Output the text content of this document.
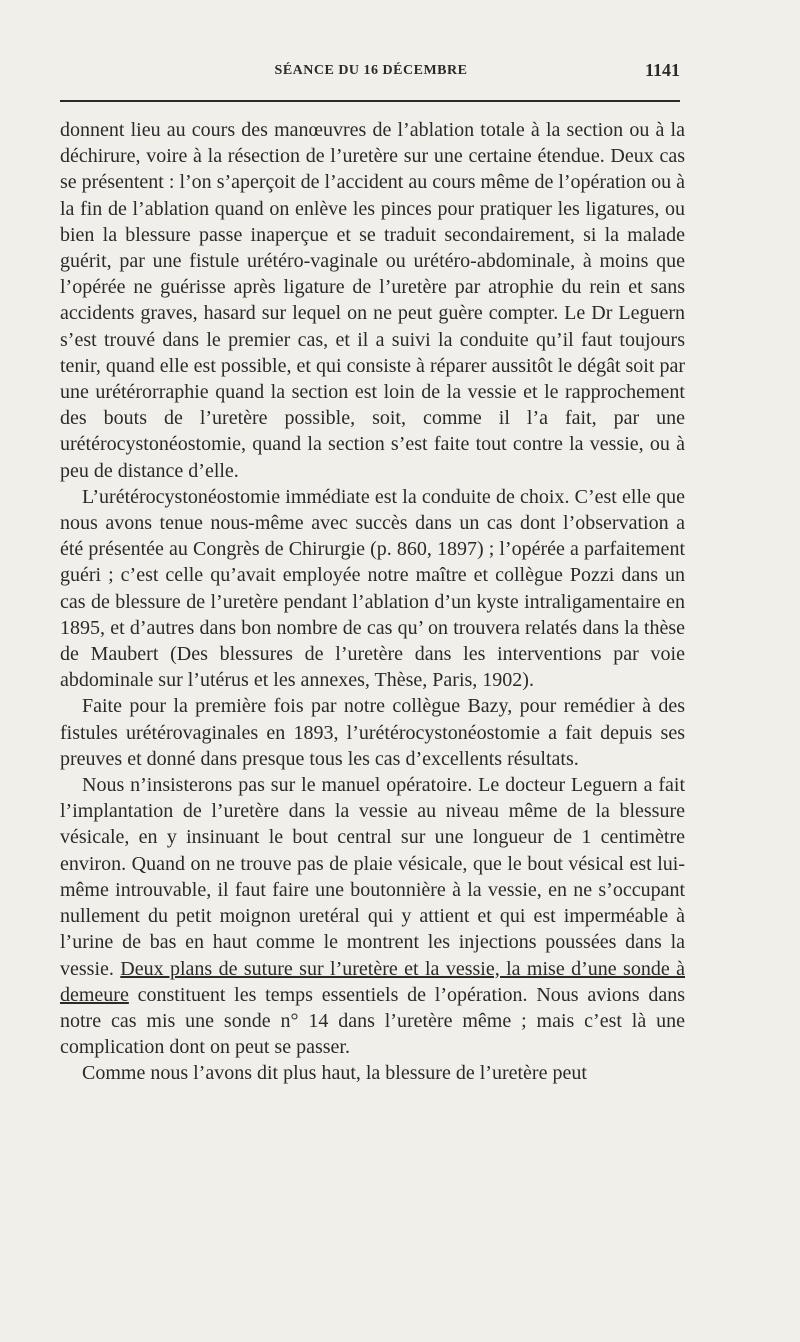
SÉANCE DU 16 DÉCEMBRE	1141

donnent lieu au cours des manœuvres de l’ablation totale à la section ou à la déchirure, voire à la résection de l’uretère sur une certaine étendue. Deux cas se présentent : l’on s’aperçoit de l’accident au cours même de l’opération ou à la fin de l’ablation quand on enlève les pinces pour pratiquer les ligatures, ou bien la blessure passe inaperçue et se traduit secondairement, si la malade guérit, par une fistule urétéro-vaginale ou urétéro-abdominale, à moins que l’opérée ne guérisse après ligature de l’uretère par atrophie du rein et sans accidents graves, hasard sur lequel on ne peut guère compter. Le Dr Leguern s’est trouvé dans le premier cas, et il a suivi la conduite qu’il faut toujours tenir, quand elle est possible, et qui consiste à réparer aussitôt le dégât soit par une urétérorraphie quand la section est loin de la vessie et le rapprochement des bouts de l’uretère possible, soit, comme il l’a fait, par une urétérocystonéostomie, quand la section s’est faite tout contre la vessie, ou à peu de distance d’elle.

L’urétérocystonéostomie immédiate est la conduite de choix. C’est elle que nous avons tenue nous-même avec succès dans un cas dont l’observation a été présentée au Congrès de Chirurgie (p. 860, 1897) ; l’opérée a parfaitement guéri ; c’est celle qu’avait employée notre maître et collègue Pozzi dans un cas de blessure de l’uretère pendant l’ablation d’un kyste intraligamentaire en 1895, et d’autres dans bon nombre de cas qu’ on trouvera relatés dans la thèse de Maubert (Des blessures de l’uretère dans les interventions par voie abdominale sur l’utérus et les annexes, Thèse, Paris, 1902).

Faite pour la première fois par notre collègue Bazy, pour remédier à des fistules urétérovaginales en 1893, l’urétérocystonéostomie a fait depuis ses preuves et donné dans presque tous les cas d’excellents résultats.

Nous n’insisterons pas sur le manuel opératoire. Le docteur Leguern a fait l’implantation de l’uretère dans la vessie au niveau même de la blessure vésicale, en y insinuant le bout central sur une longueur de 1 centimètre environ. Quand on ne trouve pas de plaie vésicale, que le bout vésical est lui-même introuvable, il faut faire une boutonnière à la vessie, en ne s’occupant nullement du petit moignon uretéral qui y attient et qui est imperméable à l’urine de bas en haut comme le montrent les injections poussées dans la vessie. Deux plans de suture sur l’uretère et la vessie, la mise d’une sonde à demeure constituent les temps essentiels de l’opération. Nous avions dans notre cas mis une sonde n° 14 dans l’uretère même ; mais c’est là une complication dont on peut se passer.

Comme nous l’avons dit plus haut, la blessure de l’uretère peut
